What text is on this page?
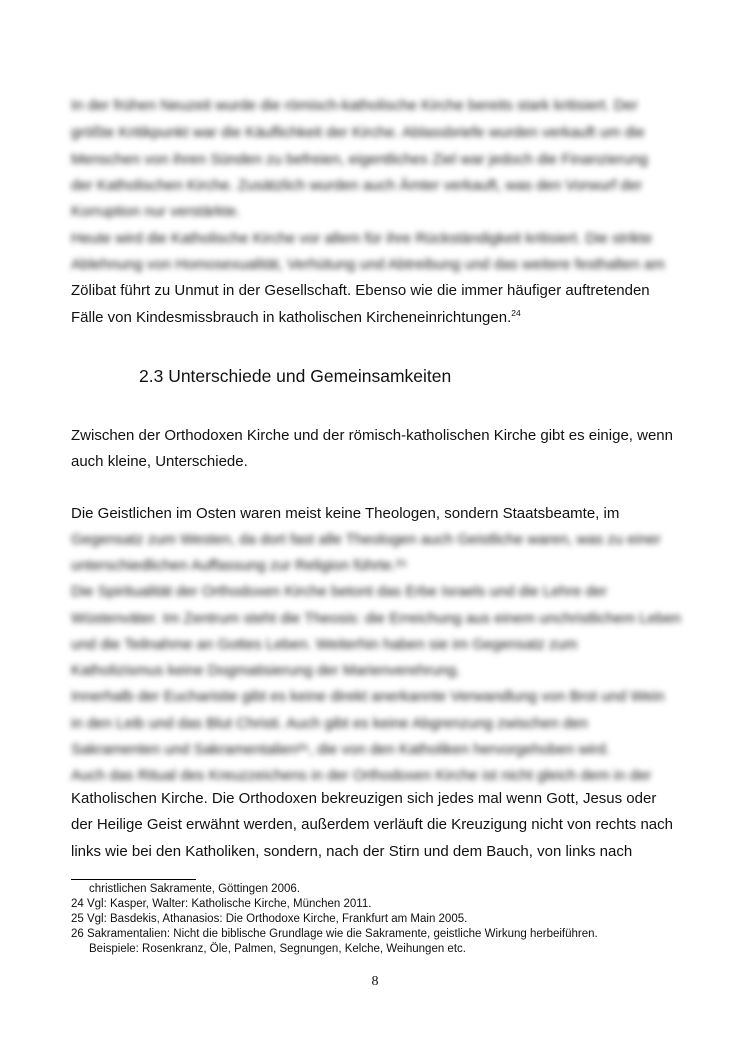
In der frühen Neuzeit wurde die römisch-katholische Kirche bereits stark kritisiert. Der
größte Kritikpunkt war die Käuflichkeit der Kirche. Ablassbriefe wurden verkauft um die
Menschen von ihren Sünden zu befreien, eigentliches Ziel war jedoch die Finanzierung
der Katholischen Kirche. Zusätzlich wurden auch Ämter verkauft, was den Vorwurf der
Korruption nur verstärkte.
Heute wird die Katholische Kirche vor allem für ihre Rückständigkeit kritisiert. Die strikte
Ablehnung von Homosexualität, Verhütung und Abtreibung und das weitere festhalten am
Zölibat führt zu Unmut in der Gesellschaft. Ebenso wie die immer häufiger auftretenden
Fälle von Kindesmissbrauch in katholischen Kircheneinrichtungen.$^{24}$
2.3 Unterschiede und Gemeinsamkeiten
Zwischen der Orthodoxen Kirche und der römisch-katholischen Kirche gibt es einige, wenn
auch kleine, Unterschiede.
Die Geistlichen im Osten waren meist keine Theologen, sondern Staatsbeamte, im
Gegensatz zum Westen, da dort fast alle Theologen auch Geistliche waren, was zu einer
unterschiedlichen Auffassung zur Religion führte.²⁵
Die Spiritualität der Orthodoxen Kirche betont das Erbe Israels und die Lehre der
Wüstenväter. Im Zentrum steht die Theosis: die Erreichung aus einem unchristlichem Leben
und die Teilnahme an Gottes Leben. Weiterhin haben sie im Gegensatz zum
Katholizismus keine Dogmatisierung der Marienverehrung.
Innerhalb der Eucharistie gibt es keine direkt anerkannte Verwandlung von Brot und Wein
in den Leib und das Blut Christi. Auch gibt es keine Abgrenzung zwischen den
Sakramenten und Sakramentalien²⁶, die von den Katholiken hervorgehoben wird.
Auch das Ritual des Kreuzzeichens in der Orthodoxen Kirche ist nicht gleich dem in der
Katholischen Kirche. Die Orthodoxen bekreuzigen sich jedes mal wenn Gott, Jesus oder
der Heilige Geist erwähnt werden, außerdem verläuft die Kreuzigung nicht von rechts nach
links wie bei den Katholiken, sondern, nach der Stirn und dem Bauch, von links nach
christlichen Sakramente, Göttingen 2006.
24 Vgl: Kasper, Walter: Katholische Kirche, München 2011.
25 Vgl: Basdekis, Athanasios: Die Orthodoxe Kirche, Frankfurt am Main 2005.
26 Sakramentalien: Nicht die biblische Grundlage wie die Sakramente, geistliche Wirkung herbeiführen.
Beispiele: Rosenkranz, Öle, Palmen, Segnungen, Kelche, Weihungen etc.
8
